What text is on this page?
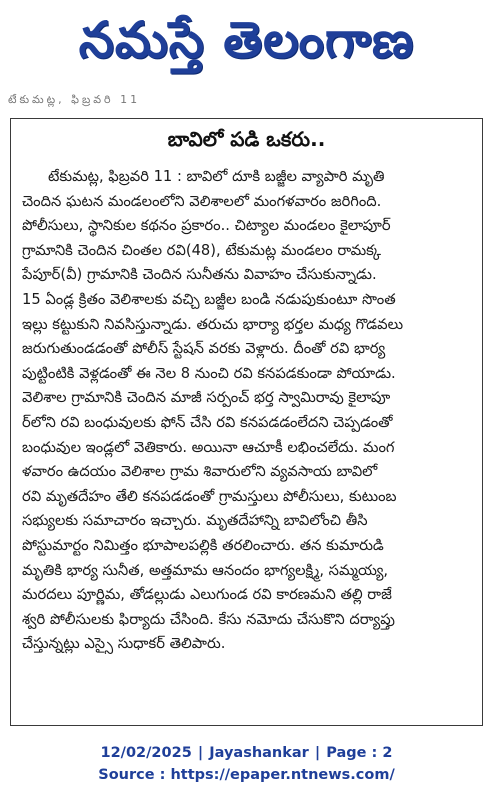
నమస్తే తెలంగాణ
టేకుమట్ల, ఫిబ్రవరి 11
బావిలో పడి ఒకరు..
టేకుమట్ల, ఫిబ్రవరి 11 : బావిలో దూకి బజ్జీల వ్యాపారి మృతి
చెందిన ఘటన మండలంలోని వెలిశాలలో మంగళవారం జరిగింది.
పోలీసులు, స్థానికుల కథనం ప్రకారం.. చిట్యాల మండలం కైలాపూర్
గ్రామానికి చెందిన చింతల రవి(48), టేకుమట్ల మండలం రామక్క
పేపూర్(వీ) గ్రామానికి చెందిన సునీతను వివాహం చేసుకున్నాడు.
15 ఏండ్ల క్రితం వెలిశాలకు వచ్చి బజ్జీల బండి నడుపుకుంటూ సొంత
ఇల్లు కట్టుకుని నివసిస్తున్నాడు. తరుచు భార్యా భర్తల మధ్య గొడవలు
జరుగుతుండడంతో పోలీస్ స్టేషన్ వరకు వెళ్లారు. దీంతో రవి భార్య
పుట్టింటికి వెళ్లడంతో ఈ నెల 8 నుంచి రవి కనపడకుండా పోయాడు.
వెలిశాల గ్రామానికి చెందిన మాజీ సర్పంచ్ భర్త స్వామిరావు కైలాపూ
ర్‌లోని రవి బంధువులకు ఫోన్ చేసి రవి కనపడడంలేదని చెప్పడంతో
బంధువుల ఇండ్లలో వెతికారు. అయినా ఆచూకీ లభించలేదు. మంగ
ళవారం ఉదయం వెలిశాల గ్రామ శివారులోని వ్యవసాయ బావిలో
రవి మృతదేహం తేలి కనపడడంతో గ్రామస్తులు పోలీసులు, కుటుంబ
సభ్యులకు సమాచారం ఇచ్చారు. మృతదేహాన్ని బావిలోంచి తీసి
పోస్టుమార్టం నిమిత్తం భూపాలపల్లికి తరలించారు. తన కుమారుడి
మృతికి భార్య సునీత, అత్తమామ ఆనందం భాగ్యలక్ష్మి, సమ్మయ్య,
మరదలు పూర్ణిమ, తోడల్లుడు ఎలుగుండ రవి కారణమని తల్లి రాజే
శ్వరి పోలీసులకు ఫిర్యాదు చేసింది. కేసు నమోదు చేసుకొని దర్యాప్తు
చేస్తున్నట్లు ఎస్సై సుధాకర్ తెలిపారు.
12/02/2025 | Jayashankar | Page : 2
Source : https://epaper.ntnews.com/
